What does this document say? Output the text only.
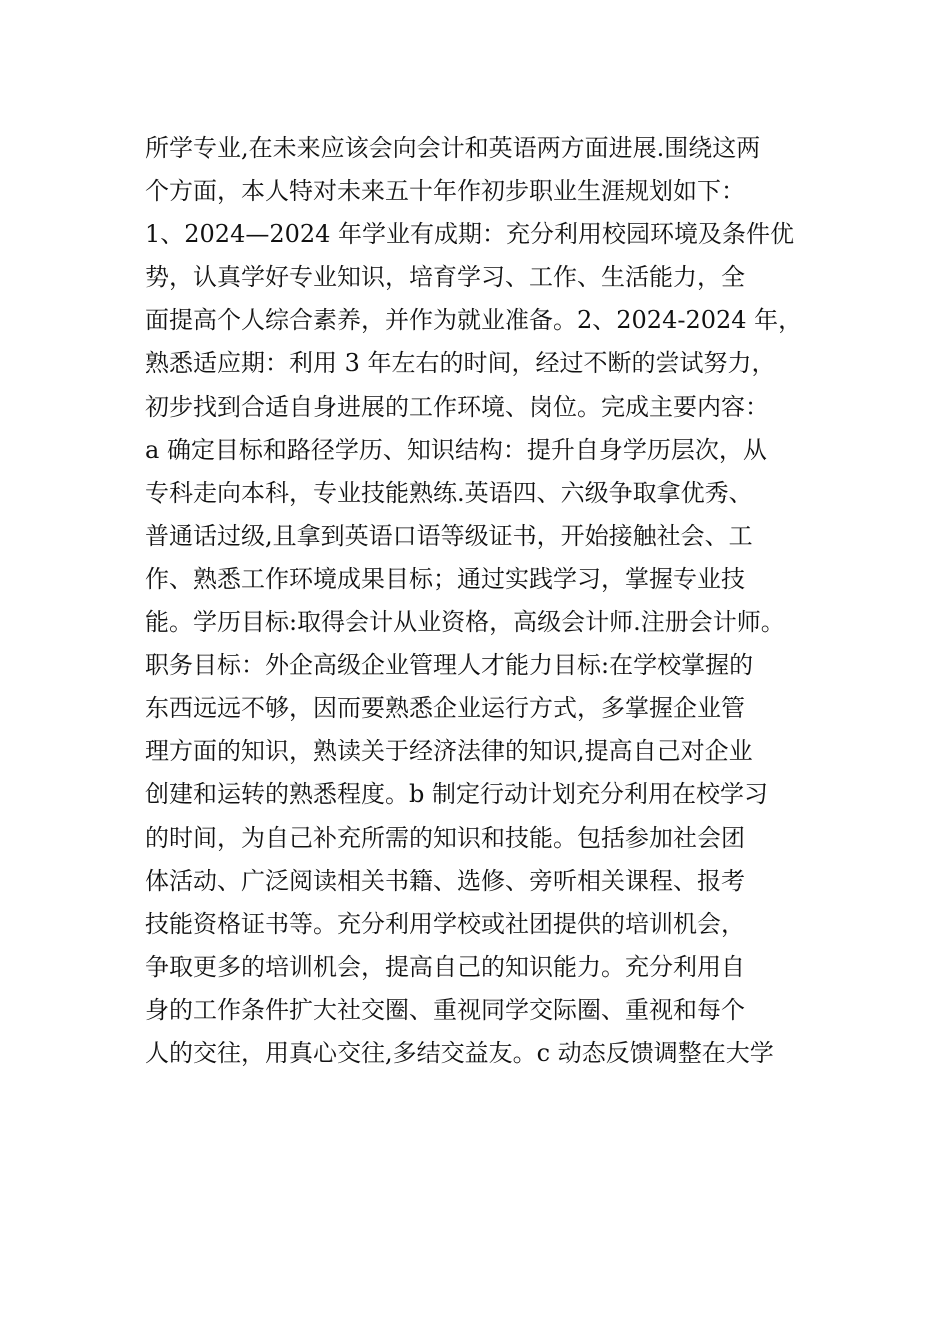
所学专业,在未来应该会向会计和英语两方面进展.围绕这两
个方面，本人特对未来五十年作初步职业生涯规划如下：
1、2024—2024 年学业有成期：充分利用校园环境及条件优
势，认真学好专业知识，培育学习、工作、生活能力，全
面提高个人综合素养，并作为就业准备。2、2024-2024 年，
熟悉适应期：利用 3 年左右的时间，经过不断的尝试努力，
初步找到合适自身进展的工作环境、岗位。完成主要内容：
a 确定目标和路径学历、知识结构：提升自身学历层次，从
专科走向本科，专业技能熟练.英语四、六级争取拿优秀、
普通话过级,且拿到英语口语等级证书，开始接触社会、工
作、熟悉工作环境成果目标；通过实践学习，掌握专业技
能。学历目标:取得会计从业资格，高级会计师.注册会计师。
职务目标：外企高级企业管理人才能力目标:在学校掌握的
东西远远不够，因而要熟悉企业运行方式，多掌握企业管
理方面的知识，熟读关于经济法律的知识,提高自己对企业
创建和运转的熟悉程度。b 制定行动计划充分利用在校学习
的时间，为自己补充所需的知识和技能。包括参加社会团
体活动、广泛阅读相关书籍、选修、旁听相关课程、报考
技能资格证书等。充分利用学校或社团提供的培训机会，
争取更多的培训机会，提高自己的知识能力。充分利用自
身的工作条件扩大社交圈、重视同学交际圈、重视和每个
人的交往，用真心交往,多结交益友。c 动态反馈调整在大学
